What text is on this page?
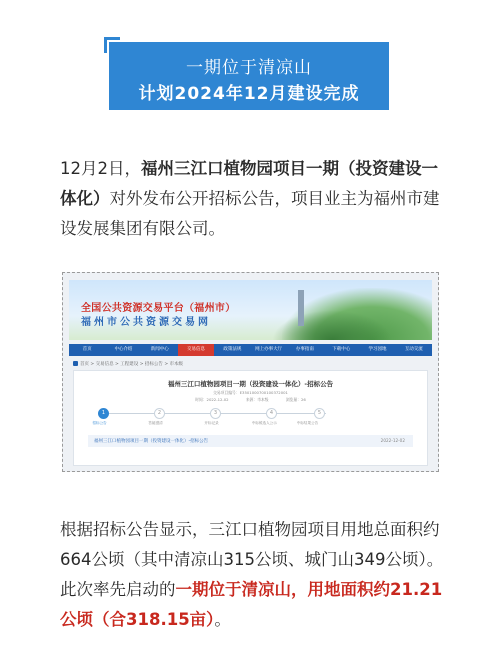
一期位于清凉山
计划2024年12月建设完成
12月2日，福州三江口植物园项目一期（投资建设一体化）对外发布公开招标公告，项目业主为福州市建设发展集团有限公司。
全国公共资源交易平台（福州市）
福州市公共资源交易网
首页	中心介绍	新闻中心	交易信息	政策法规	网上办事大厅	办事指南	下载中心	学习园地	互动交流
首页 > 交易信息 > 工程建设 > 招标公告 > 市本级
福州三江口植物园项目一期（投资建设一体化）-招标公告
交易项目编号：E3501000700100372001
时间：2022-12-02	来源：市本级	浏览量：26
1
招标公告
2
答疑澄清
3
开标记录
4
中标候选人公示
5
中标结果公告
福州三江口植物园项目一期（投资建设一体化）-招标公告	2022-12-02
根据招标公告显示，三江口植物园项目用地总面积约664公顷（其中清凉山315公顷、城门山349公顷）。此次率先启动的一期位于清凉山，用地面积约21.21公顷（合318.15亩）。
